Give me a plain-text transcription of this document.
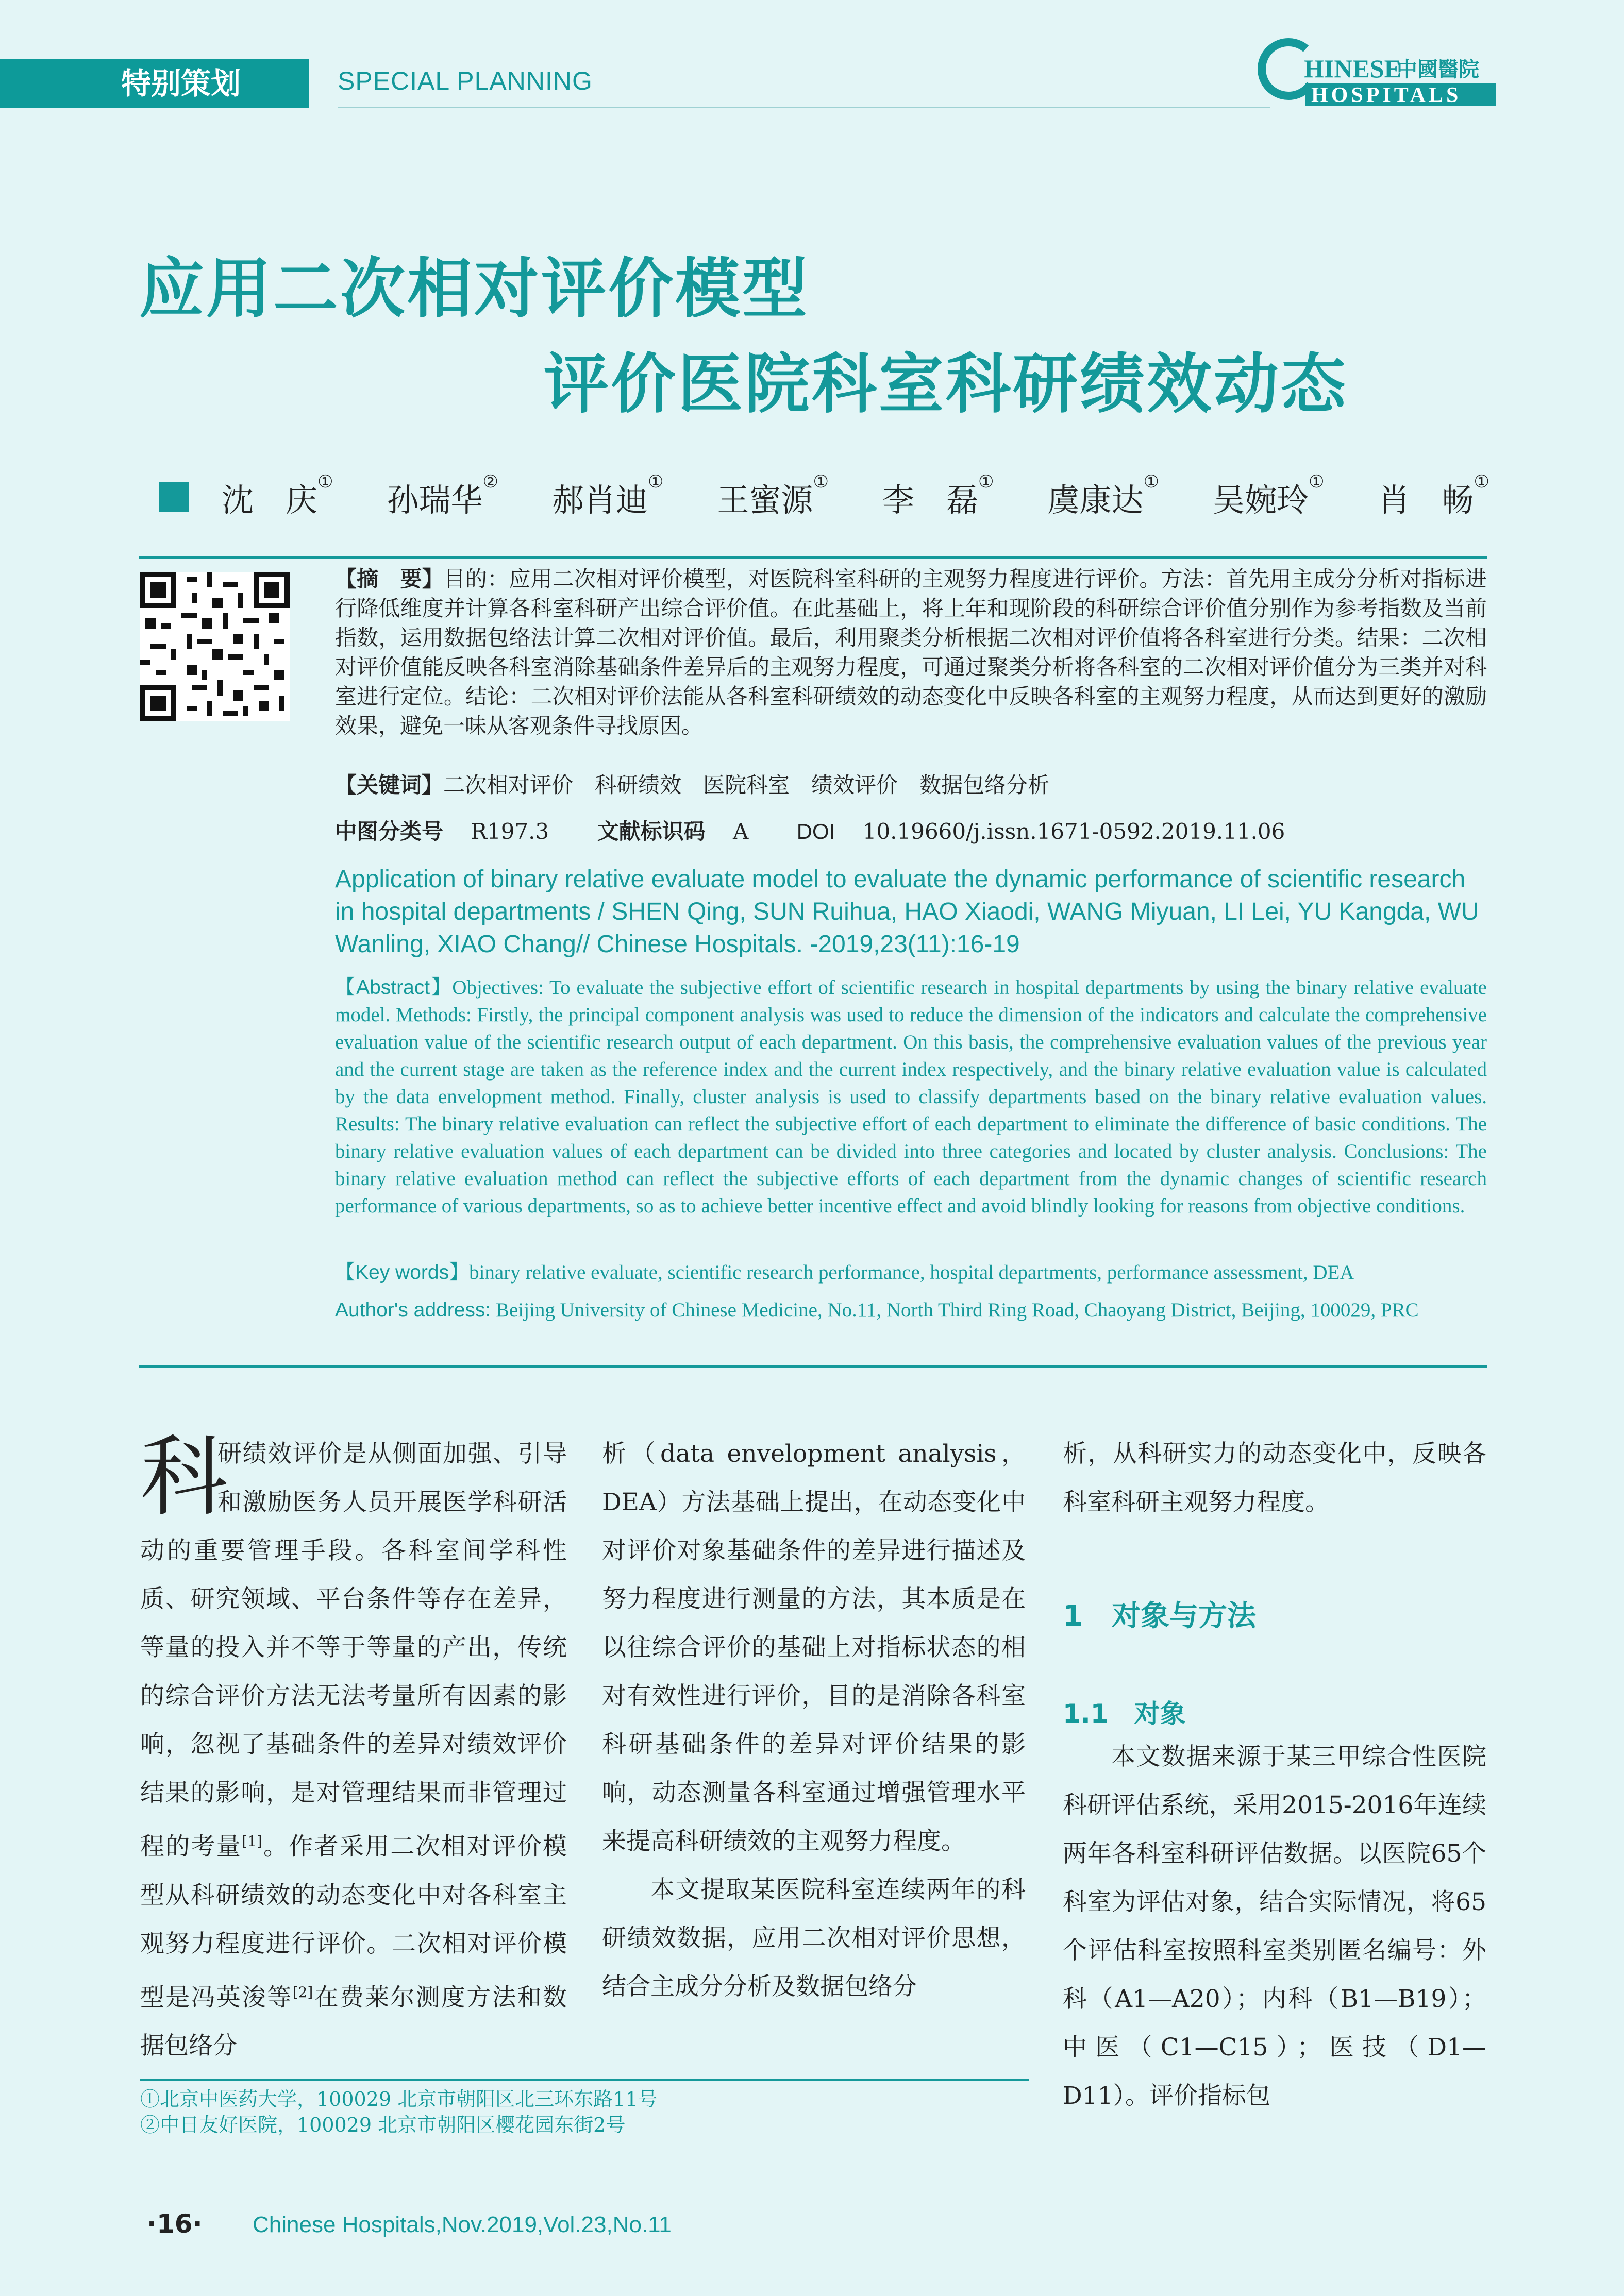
特别策划	SPECIAL PLANNING	HINESE
中國醫院
HOSPITALS
应用二次相对评价模型
评价医院科室科研绩效动态
沈　庆① 孙瑞华② 郝肖迪① 王蜜源① 李　磊① 虞康达① 吴婉玲① 肖　畅①
【摘　要】目的：应用二次相对评价模型，对医院科室科研的主观努力程度进行评价。方法：首先用主成分分析对指标进行降低维度并计算各科室科研产出综合评价值。在此基础上，将上年和现阶段的科研综合评价值分别作为参考指数及当前指数，运用数据包络法计算二次相对评价值。最后，利用聚类分析根据二次相对评价值将各科室进行分类。结果：二次相对评价值能反映各科室消除基础条件差异后的主观努力程度，可通过聚类分析将各科室的二次相对评价值分为三类并对科室进行定位。结论：二次相对评价法能从各科室科研绩效的动态变化中反映各科室的主观努力程度，从而达到更好的激励效果，避免一味从客观条件寻找原因。
【关键词】二次相对评价　科研绩效　医院科室　绩效评价　数据包络分析
中图分类号 R197.3 文献标识码 A DOI 10.19660/j.issn.1671-0592.2019.11.06
Application of binary relative evaluate model to evaluate the dynamic performance of scientific research in hospital departments / SHEN Qing, SUN Ruihua, HAO Xiaodi, WANG Miyuan, LI Lei, YU Kangda, WU Wanling, XIAO Chang// Chinese Hospitals. -2019,23(11):16-19
【Abstract】Objectives: To evaluate the subjective effort of scientific research in hospital departments by using the binary relative evaluate model. Methods: Firstly, the principal component analysis was used to reduce the dimension of the indicators and calculate the comprehensive evaluation value of the scientific research output of each department. On this basis, the comprehensive evaluation values of the previous year and the current stage are taken as the reference index and the current index respectively, and the binary relative evaluation value is calculated by the data envelopment method. Finally, cluster analysis is used to classify departments based on the binary relative evaluation values. Results: The binary relative evaluation can reflect the subjective effort of each department to eliminate the difference of basic conditions. The binary relative evaluation values of each department can be divided into three categories and located by cluster analysis. Conclusions: The binary relative evaluation method can reflect the subjective efforts of each department from the dynamic changes of scientific research performance of various departments, so as to achieve better incentive effect and avoid blindly looking for reasons from objective conditions.
【Key words】binary relative evaluate, scientific research performance, hospital departments, performance assessment, DEA
Author's address: Beijing University of Chinese Medicine, No.11, North Third Ring Road, Chaoyang District, Beijing, 100029, PRC
科

研绩效评价是从侧面加强、引导和激励医务人员开展医学科研活动的重要管理手段。各科室间学科性质、研究领域、平台条件等存在差异，等量的投入并不等于等量的产出，传统的综合评价方法无法考量所有因素的影响，忽视了基础条件的差异对绩效评价结果的影响，是对管理结果而非管理过程的考量[1]。作者采用二次相对评价模型从科研绩效的动态变化中对各科室主观努力程度进行评价。二次相对评价模型是冯英浚等[2]在费莱尔测度方法和数据包络分

析（data envelopment analysis，DEA）方法基础上提出，在动态变化中对评价对象基础条件的差异进行描述及努力程度进行测量的方法，其本质是在以往综合评价的基础上对指标状态的相对有效性进行评价，目的是消除各科室科研基础条件的差异对评价结果的影响，动态测量各科室通过增强管理水平来提高科研绩效的主观努力程度。

本文提取某医院科室连续两年的科研绩效数据，应用二次相对评价思想，结合主成分分析及数据包络分

析，从科研实力的动态变化中，反映各科室科研主观努力程度。

1　对象与方法
1.1　对象

本文数据来源于某三甲综合性医院科研评估系统，采用2015-2016年连续两年各科室科研评估数据。以医院65个科室为评估对象，结合实际情况，将65个评估科室按照科室类别匿名编号：外科（A1—A20）；内科（B1—B19）；中医（C1—C15）；医技（D1—D11）。评价指标包

①北京中医药大学，100029 北京市朝阳区北三环东路11号
②中日友好医院，100029 北京市朝阳区樱花园东街2号
·16· Chinese Hospitals,Nov.2019,Vol.23,No.11
